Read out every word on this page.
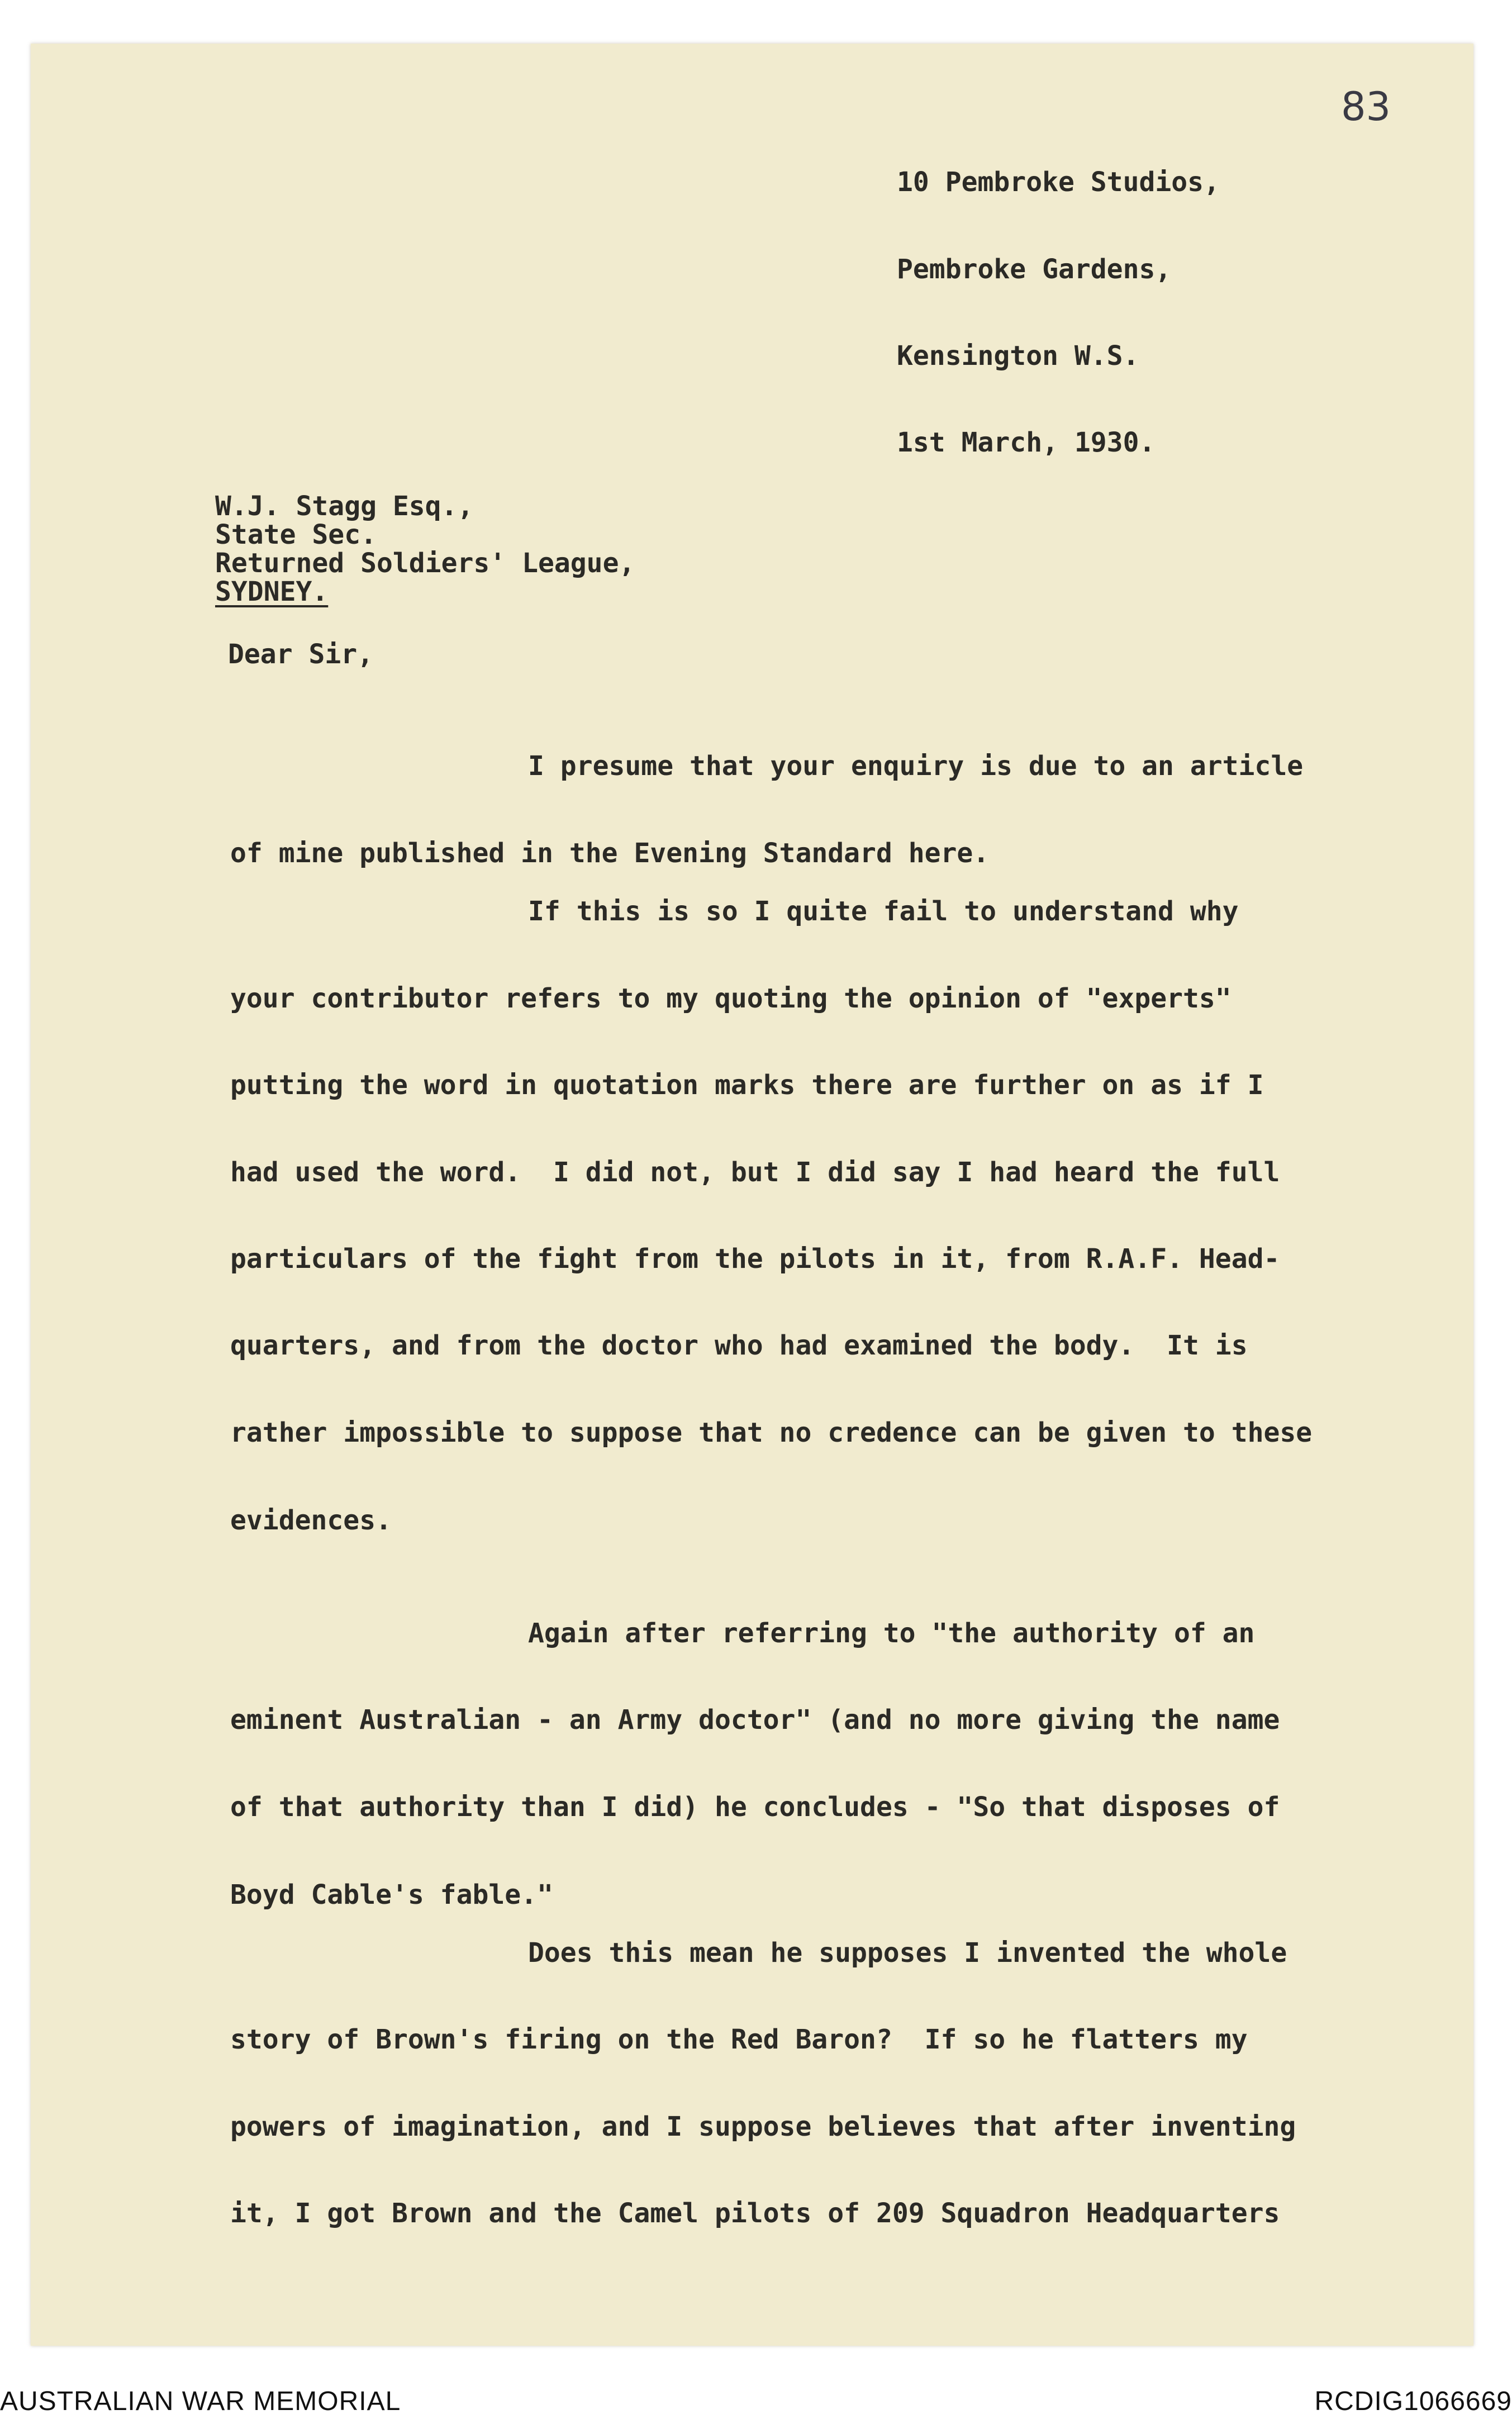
83
10 Pembroke Studios,
Pembroke Gardens,
Kensington W.S.
1st March, 1930.
W.J. Stagg Esq.,
State Sec.
Returned Soldiers' League,
SYDNEY.
Dear Sir,
I presume that your enquiry is due to an article
of mine published in the Evening Standard here.
If this is so I quite fail to understand why
your contributor refers to my quoting the opinion of "experts"
putting the word in quotation marks there are further on as if I
had used the word.  I did not, but I did say I had heard the full
particulars of the fight from the pilots in it, from R.A.F. Head-
quarters, and from the doctor who had examined the body.  It is
rather impossible to suppose that no credence can be given to these
evidences.
Again after referring to "the authority of an
eminent Australian - an Army doctor" (and no more giving the name
of that authority than I did) he concludes - "So that disposes of
Boyd Cable's fable."
Does this mean he supposes I invented the whole
story of Brown's firing on the Red Baron?  If so he flatters my
powers of imagination, and I suppose believes that after inventing
it, I got Brown and the Camel pilots of 209 Squadron Headquarters
AUSTRALIAN WAR MEMORIAL	RCDIG1066669
